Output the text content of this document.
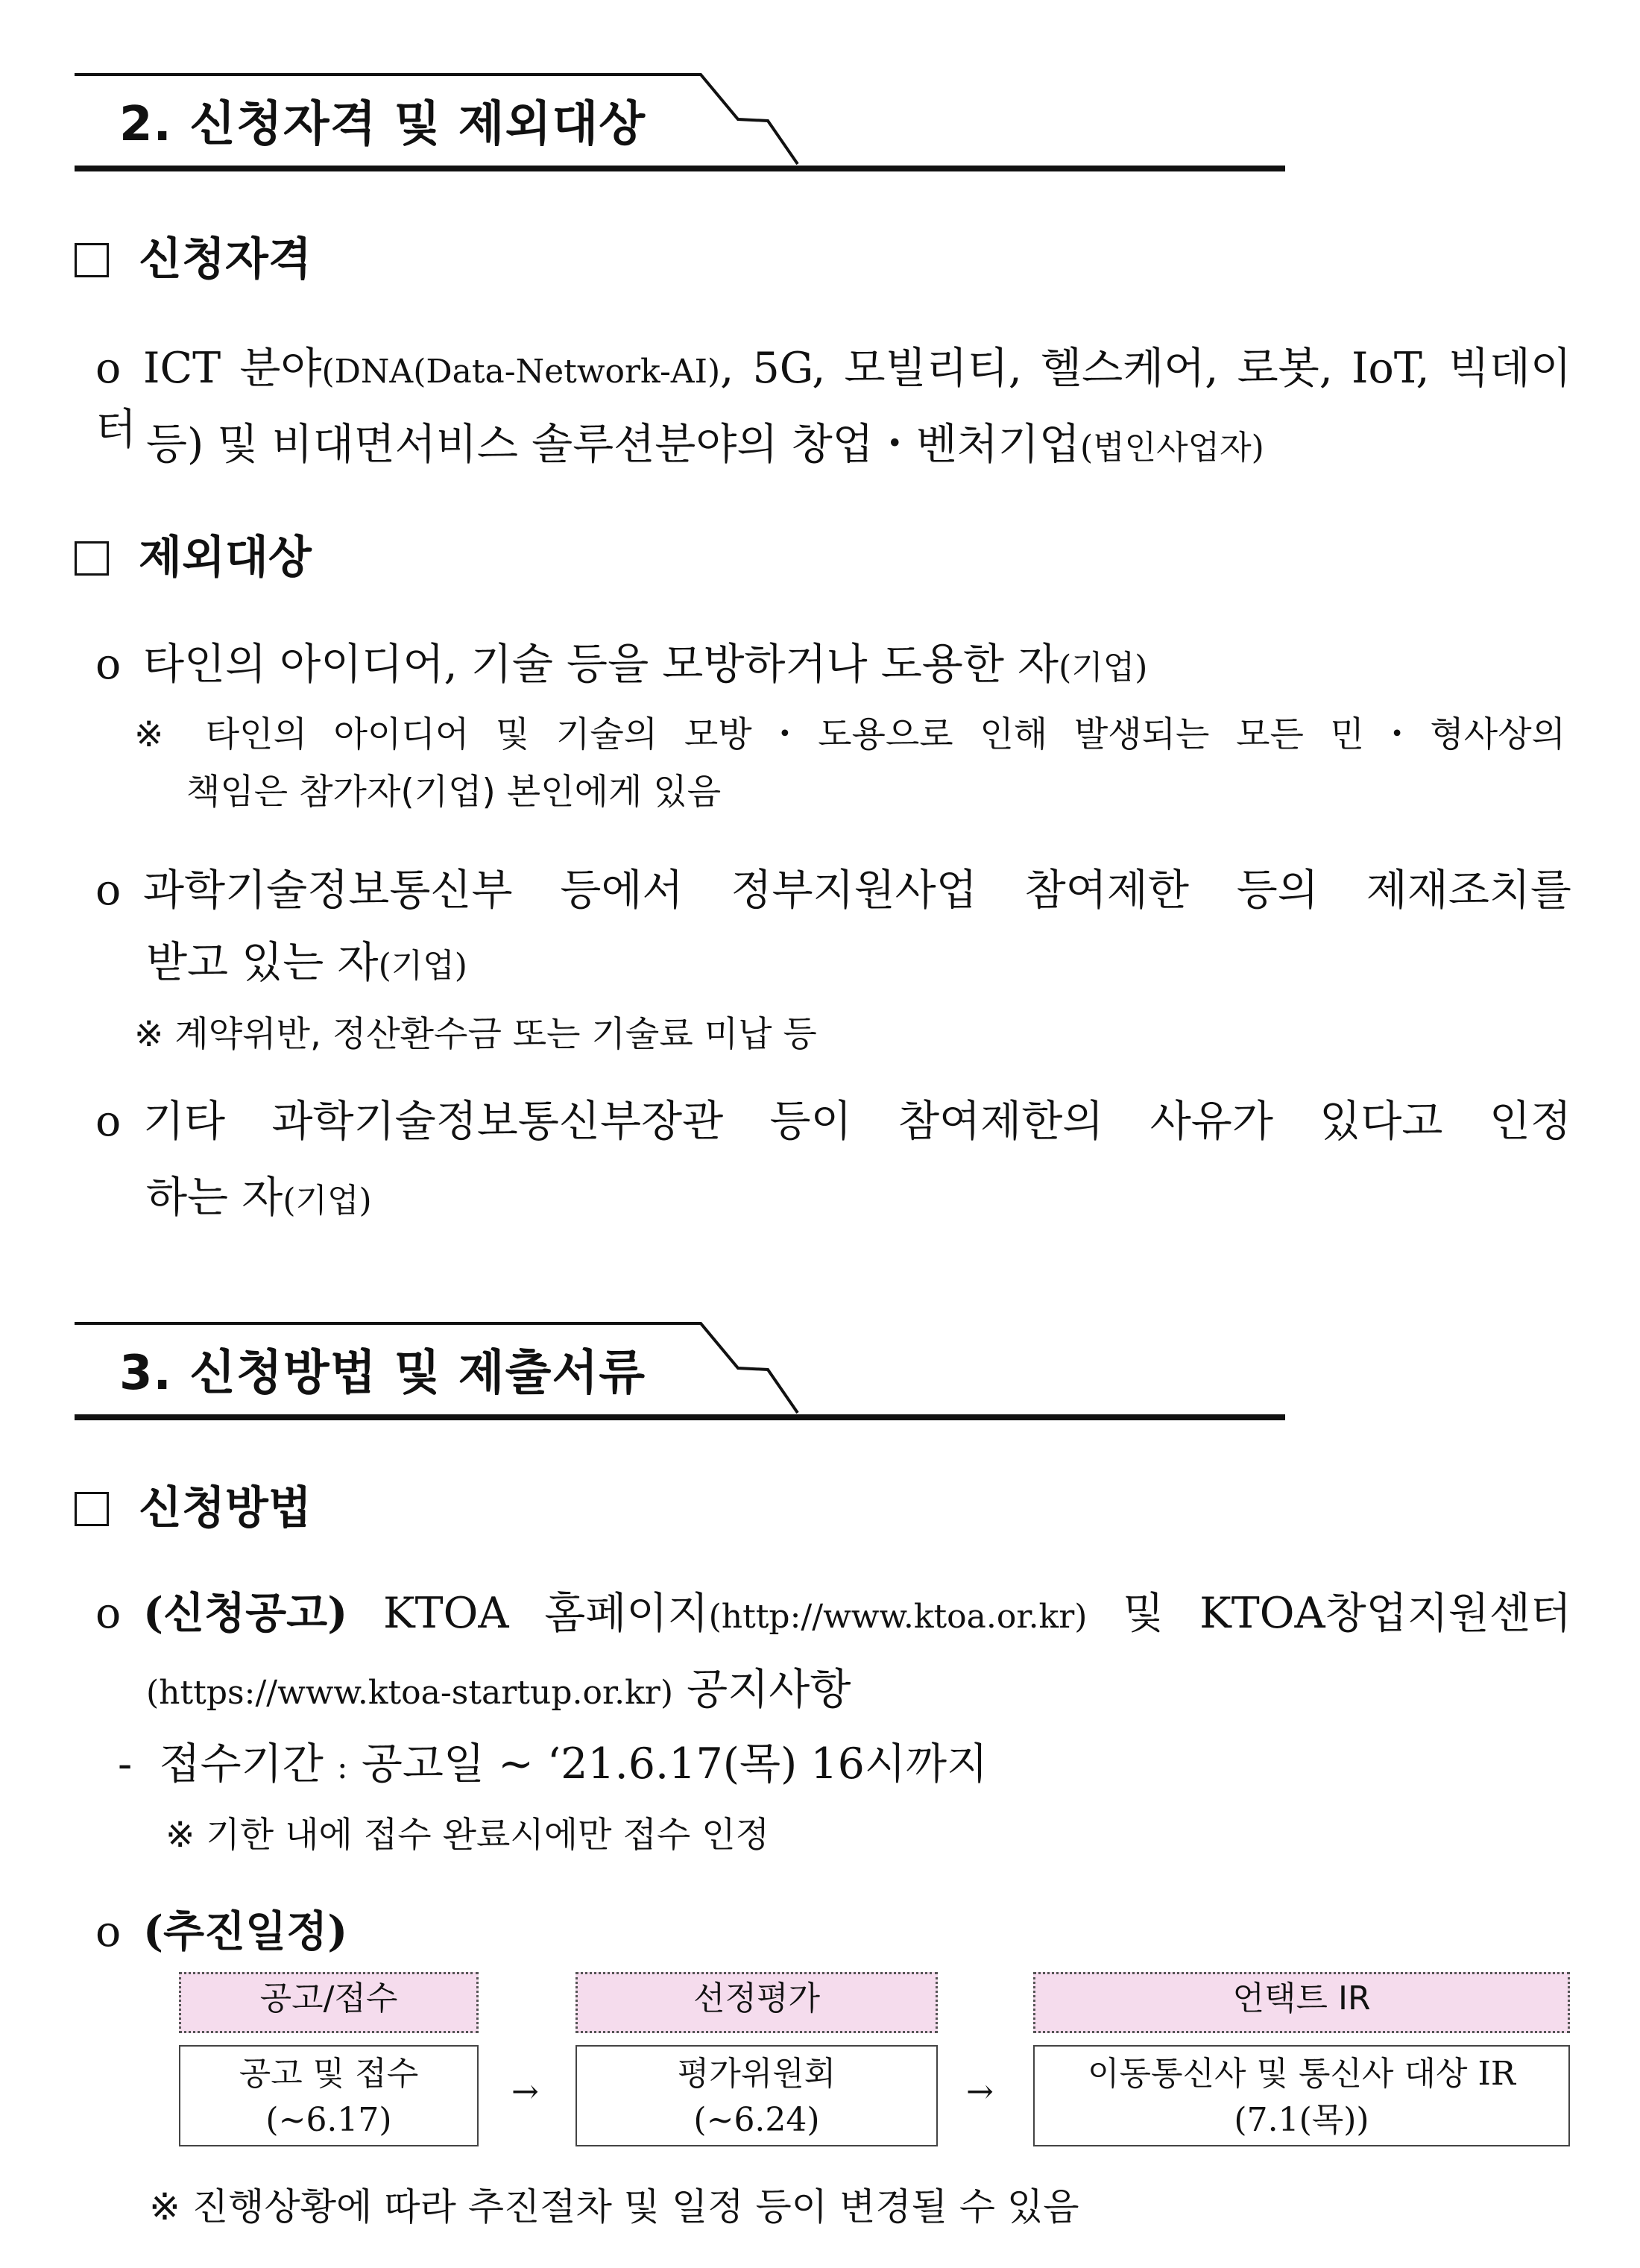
2. 신청자격 및 제외대상
신청자격
o ICT 분야(DNA(Data-Network-AI), 5G, 모빌리티, 헬스케어, 로봇, IoT, 빅데이터 등) 및 비대면서비스 솔루션분야의 창업・벤처기업(법인사업자)
제외대상
o 타인의 아이디어, 기술 등을 모방하거나 도용한 자(기업)
※ 타인의 아이디어 및 기술의 모방・도용으로 인해 발생되는 모든 민・형사상의
책임은 참가자(기업) 본인에게 있음
o 과학기술정보통신부 등에서 정부지원사업 참여제한 등의 제재조치를
받고 있는 자(기업)
※ 계약위반, 정산환수금 또는 기술료 미납 등
o 기타 과학기술정보통신부장관 등이 참여제한의 사유가 있다고 인정
하는 자(기업)
3. 신청방법 및 제출서류
신청방법
o (신청공고) KTOA 홈페이지(http://www.ktoa.or.kr) 및 KTOA창업지원센터
(https://www.ktoa-startup.or.kr) 공지사항
- 접수기간 : 공고일 ~ ‘21.6.17(목) 16시까지
※ 기한 내에 접수 완료시에만 접수 인정
o (추진일정)
공고/접수
공고 및 접수
(∼6.17)
→
선정평가
평가위원회
(∼6.24)
→
언택트 IR
이동통신사 및 통신사 대상 IR
(7.1(목))
※ 진행상황에 따라 추진절차 및 일정 등이 변경될 수 있음
